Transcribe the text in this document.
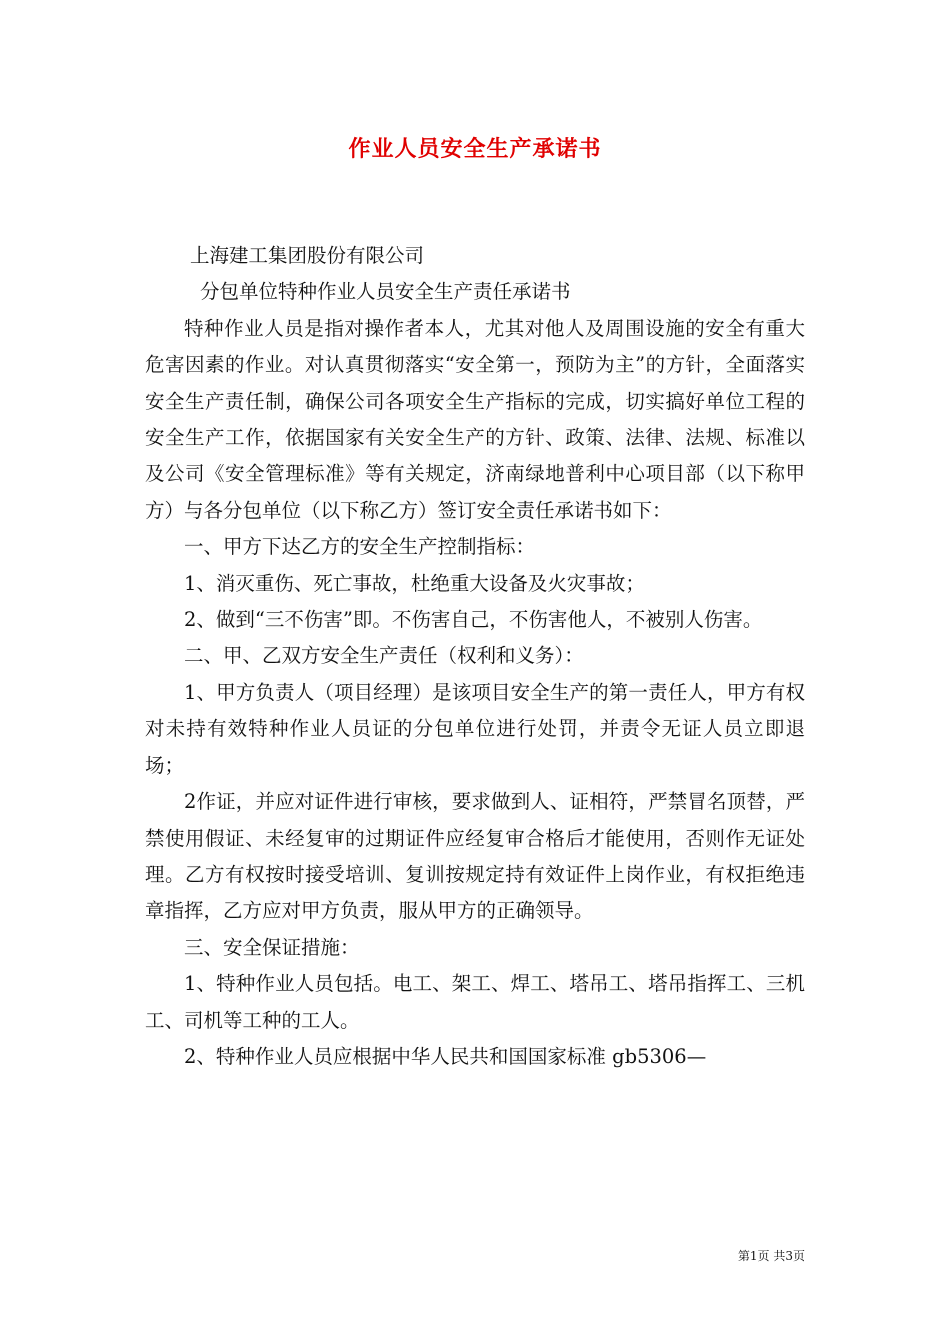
作业人员安全生产承诺书

上海建工集团股份有限公司

分包单位特种作业人员安全生产责任承诺书

特种作业人员是指对操作者本人，尤其对他人及周围设施的安全有重大危害因素的作业。对认真贯彻落实“安全第一，预防为主”的方针，全面落实安全生产责任制，确保公司各项安全生产指标的完成，切实搞好单位工程的安全生产工作，依据国家有关安全生产的方针、政策、法律、法规、标准以及公司《安全管理标准》等有关规定，济南绿地普利中心项目部（以下称甲方）与各分包单位（以下称乙方）签订安全责任承诺书如下：

一、甲方下达乙方的安全生产控制指标：

1、消灭重伤、死亡事故，杜绝重大设备及火灾事故；

2、做到“三不伤害”即。不伤害自己，不伤害他人，不被别人伤害。

二、甲、乙双方安全生产责任（权利和义务）：

1、甲方负责人（项目经理）是该项目安全生产的第一责任人，甲方有权对未持有效特种作业人员证的分包单位进行处罚，并责令无证人员立即退场；

2作证，并应对证件进行审核，要求做到人、证相符，严禁冒名顶替，严禁使用假证、未经复审的过期证件应经复审合格后才能使用，否则作无证处理。乙方有权按时接受培训、复训按规定持有效证件上岗作业，有权拒绝违章指挥，乙方应对甲方负责，服从甲方的正确领导。

三、安全保证措施：

1、特种作业人员包括。电工、架工、焊工、塔吊工、塔吊指挥工、三机工、司机等工种的工人。

2、特种作业人员应根据中华人民共和国国家标准 gb5306—

第1页 共3页
